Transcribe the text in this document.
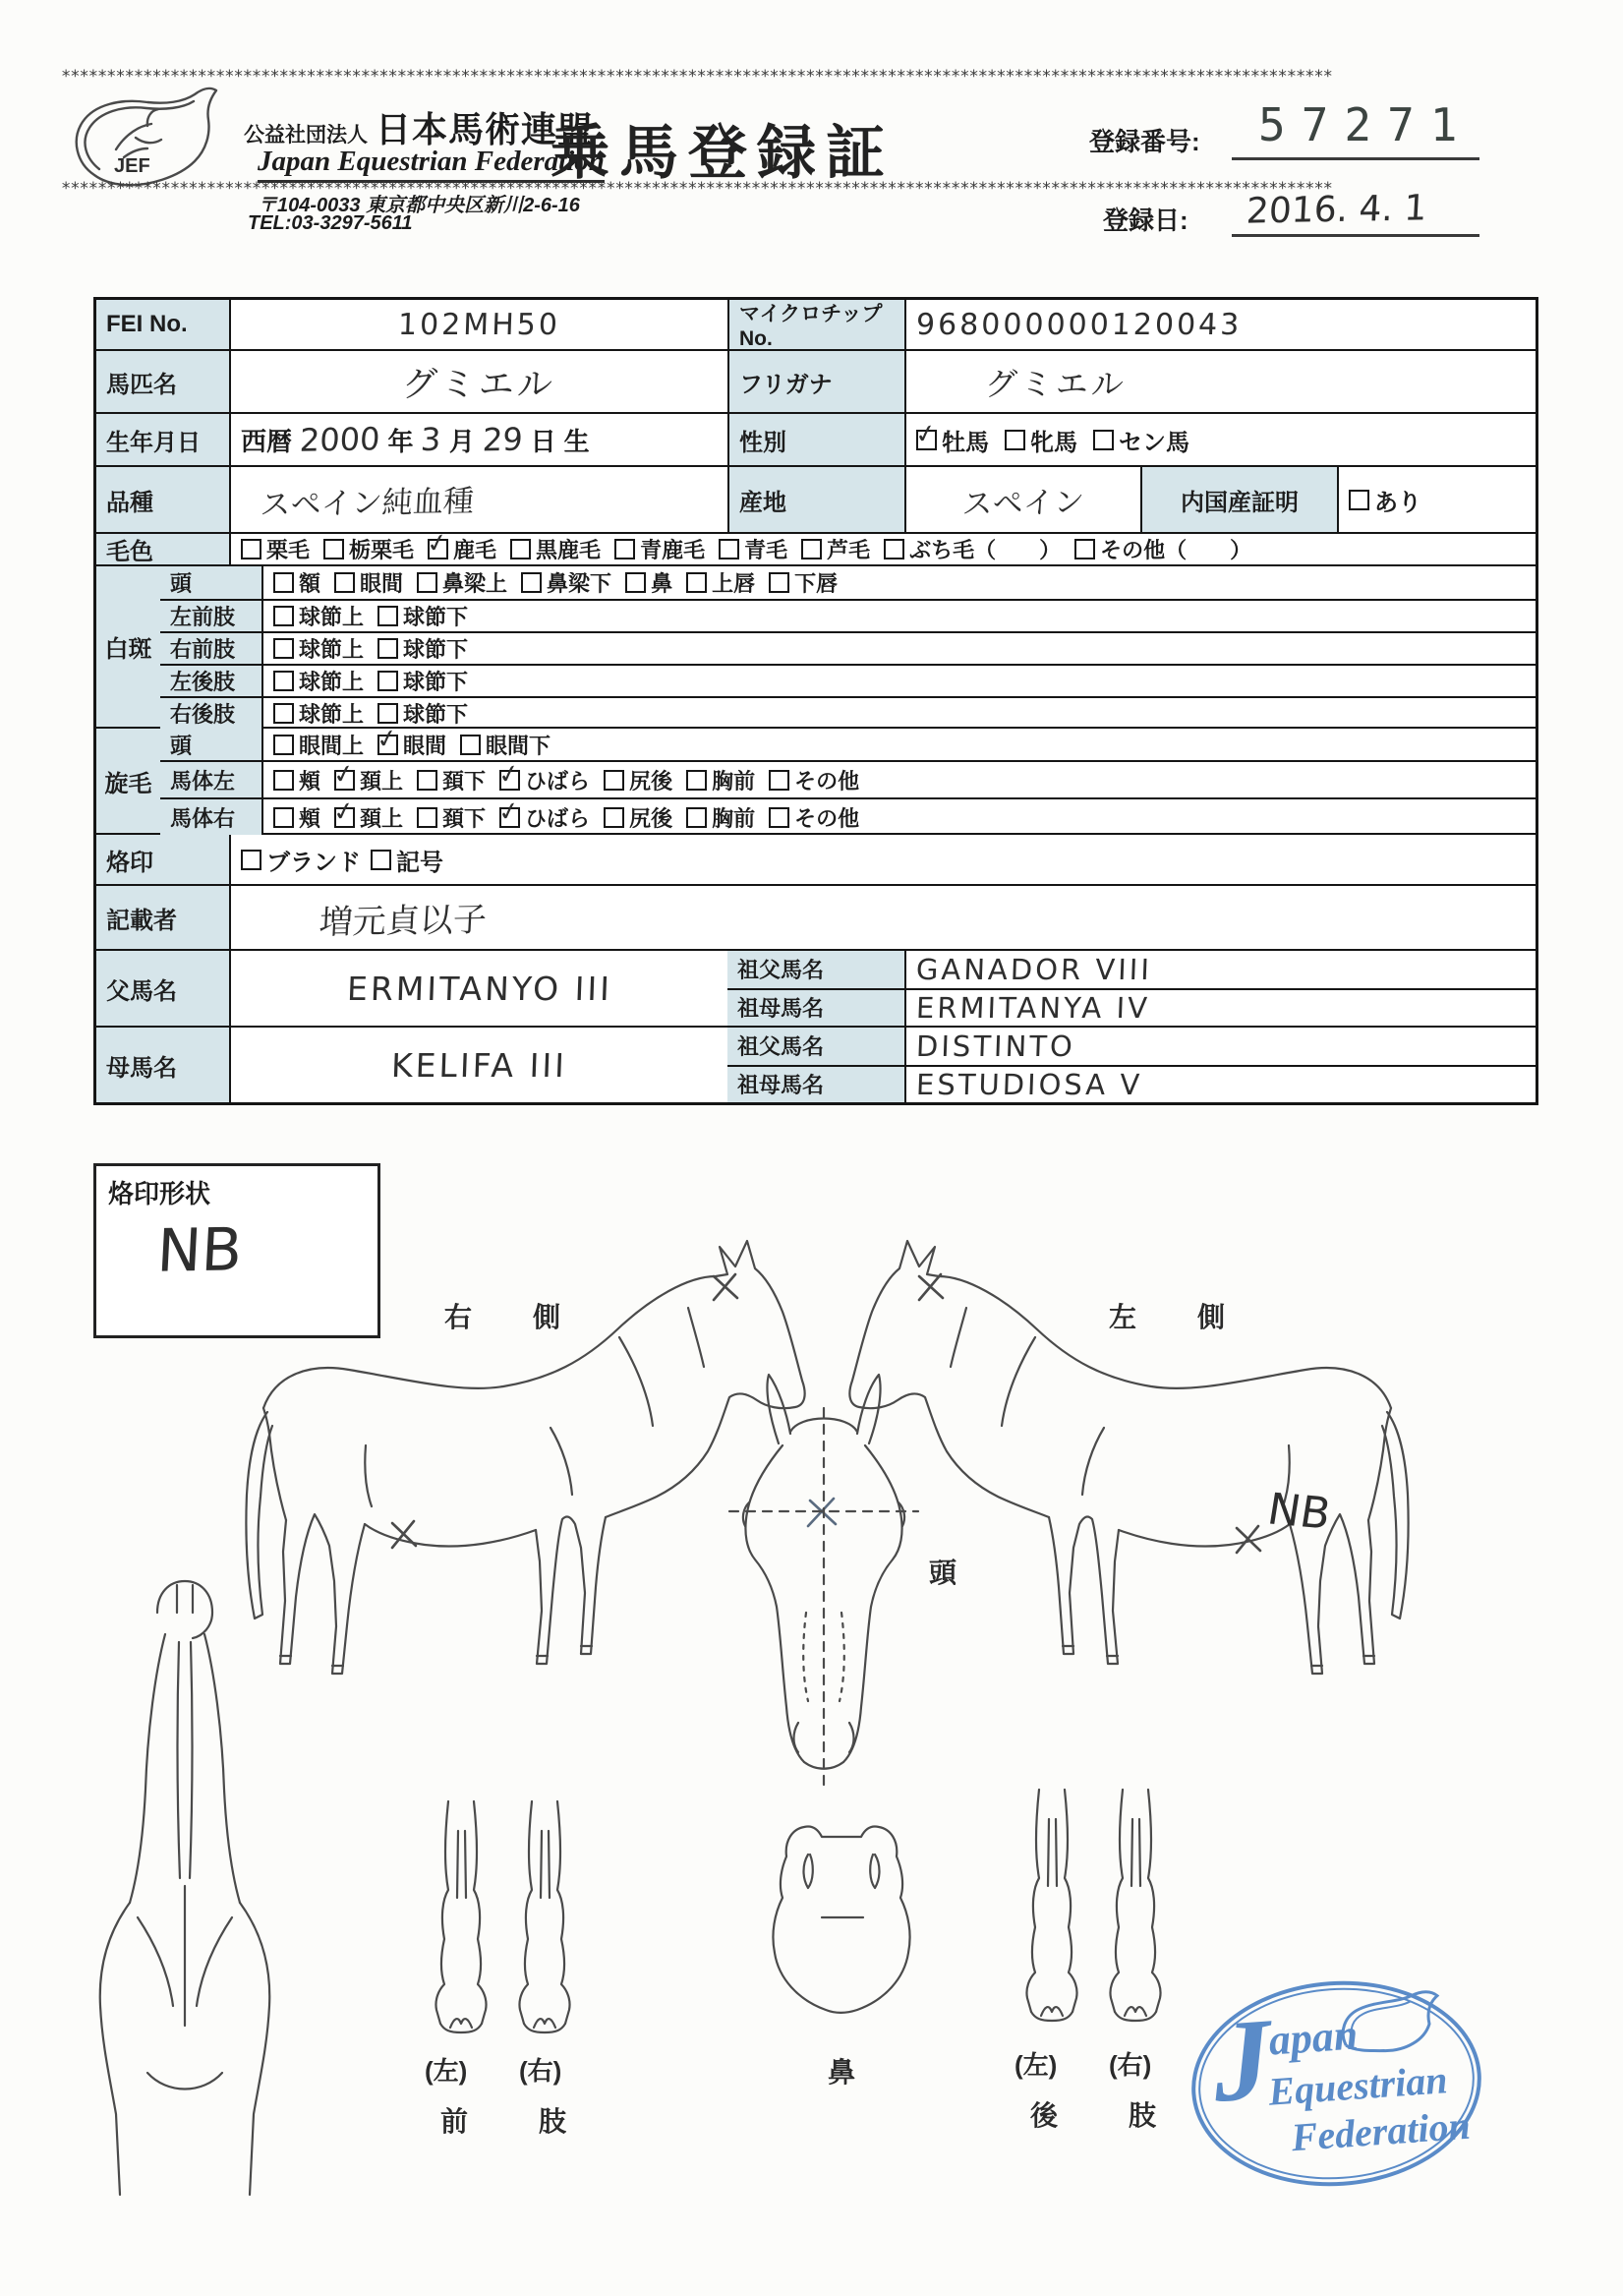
********************************************************************************************************************************************
JEF
公益社団法人 日本馬術連盟
Japan Equestrian Federation
〒104-0033 東京都中央区新川2-6-16
TEL:03-3297-5611
乗馬登録証	登録番号: 57271
登録日: 2016. 4. 1
********************************************************************************************************************************************
FEI No.	102MH50	マイクロチップNo.	968000000120043
馬匹名	グミエル	フリガナ	グミエル
生年月日	西暦 2000 年 3 月 29 日 生	性別 ✓	牡馬 牝馬 セン馬
品種	スペイン純血種	産地	スペイン	内国産証明	あり
毛色	栗毛 栃栗毛 ✓ 鹿毛 黒鹿毛 青鹿毛 青毛 芦毛 ぶち毛（　　） その他（　　）
白斑
頭	額 眼間 鼻梁上 鼻梁下 鼻 上唇 下唇
左前肢	球節上 球節下
右前肢	球節上 球節下
左後肢	球節上 球節下
右後肢	球節上 球節下
旋毛
頭	眼間上 ✓ 眼間 眼間下
馬体左	頬 ✓ 頚上 頚下 ✓ ひばら 尻後 胸前 その他
馬体右	頬 ✓ 頚上 頚下 ✓ ひばら 尻後 胸前 その他
烙印	ブランド 記号
記載者	増元貞以子
父馬名	ERMITANYO III	祖父馬名	GANADOR VIII
祖母馬名	ERMITANYA IV
母馬名	KELIFA III	祖父馬名	DISTINTO
祖母馬名	ESTUDIOSA V
烙印形状
NB
右側	左側
頭
NB
(左) (右)
前肢
鼻	(左) (右)
後肢
J
apan
Equestrian
Federation
